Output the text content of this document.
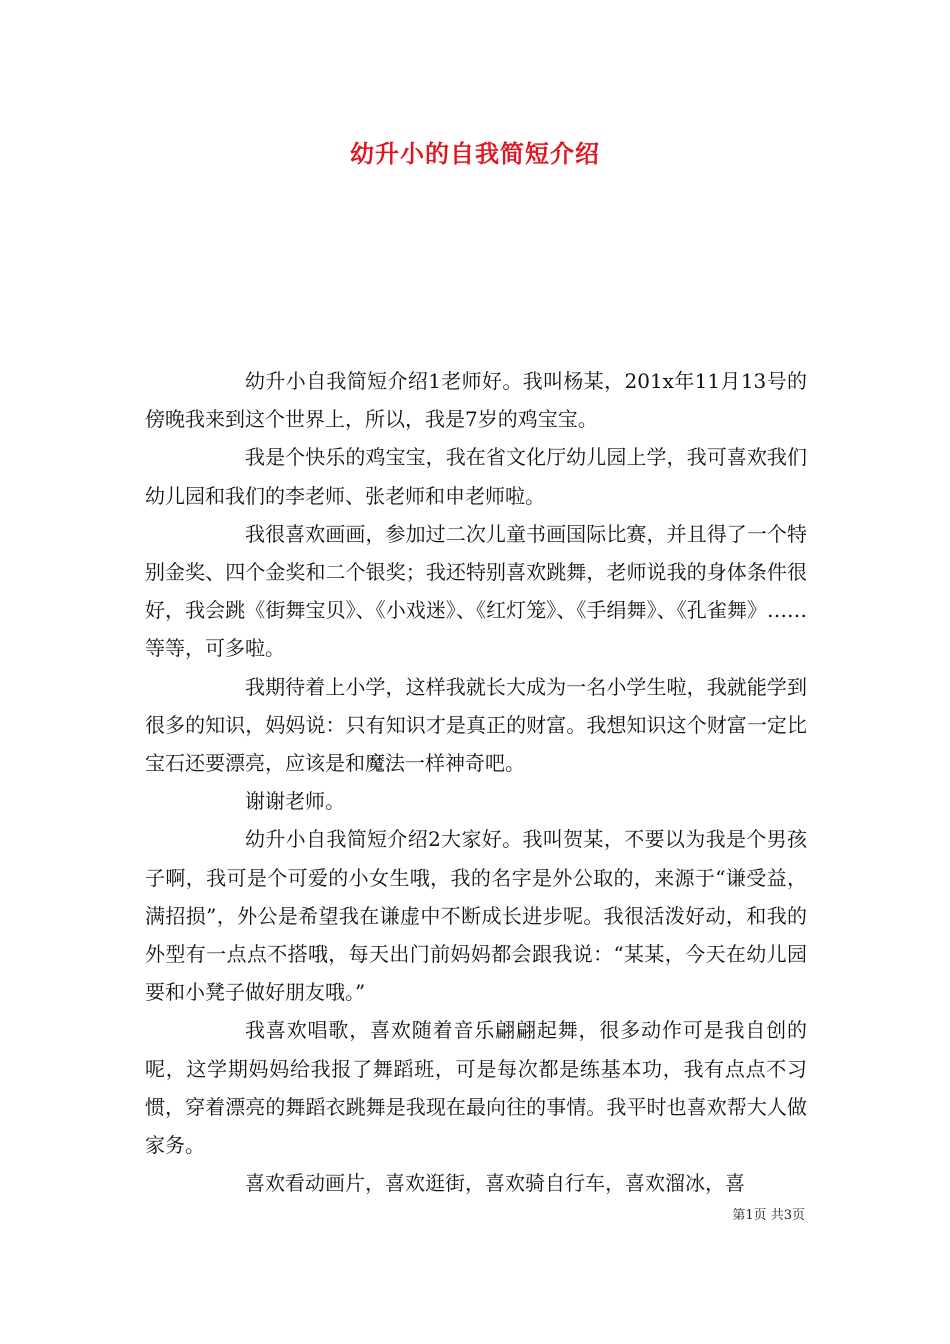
幼升小的自我简短介绍

幼升小自我简短介绍1老师好。我叫杨某，201x年11月13号的傍晚我来到这个世界上，所以，我是7岁的鸡宝宝。

我是个快乐的鸡宝宝，我在省文化厅幼儿园上学，我可喜欢我们幼儿园和我们的李老师、张老师和申老师啦。

我很喜欢画画，参加过二次儿童书画国际比赛，并且得了一个特别金奖、四个金奖和二个银奖；我还特别喜欢跳舞，老师说我的身体条件很好，我会跳《街舞宝贝》、《小戏迷》、《红灯笼》、《手绢舞》、《孔雀舞》……等等，可多啦。

我期待着上小学，这样我就长大成为一名小学生啦，我就能学到很多的知识，妈妈说：只有知识才是真正的财富。我想知识这个财富一定比宝石还要漂亮，应该是和魔法一样神奇吧。

谢谢老师。

幼升小自我简短介绍2大家好。我叫贺某，不要以为我是个男孩子啊，我可是个可爱的小女生哦，我的名字是外公取的，来源于“谦受益，满招损”，外公是希望我在谦虚中不断成长进步呢。我很活泼好动，和我的外型有一点点不搭哦，每天出门前妈妈都会跟我说：“某某，今天在幼儿园要和小凳子做好朋友哦。”

我喜欢唱歌，喜欢随着音乐翩翩起舞，很多动作可是我自创的呢，这学期妈妈给我报了舞蹈班，可是每次都是练基本功，我有点点不习惯，穿着漂亮的舞蹈衣跳舞是我现在最向往的事情。我平时也喜欢帮大人做家务。

喜欢看动画片，喜欢逛街，喜欢骑自行车，喜欢溜冰，喜

第1页 共3页
